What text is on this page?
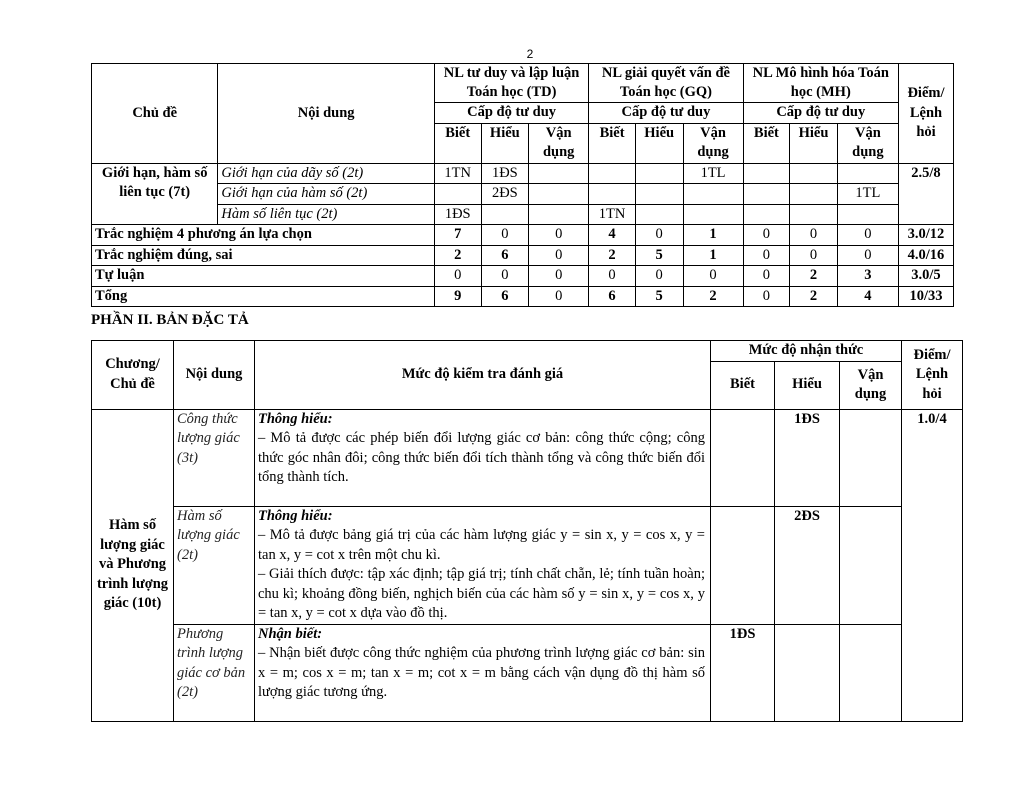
2
Chủ đề	Nội dung	NL tư duy và lập luận Toán học (TD)			NL giải quyết vấn đề Toán học (GQ)			NL Mô hình hóa Toán học (MH)			Điểm/ Lệnh hỏi
		Cấp độ tư duy			Cấp độ tư duy			Cấp độ tư duy			
		Biết	Hiểu	Vận dụng	Biết	Hiểu	Vận dụng	Biết	Hiểu	Vận dụng	
Giới hạn, hàm số liên tục (7t)	Giới hạn của dãy số (2t)	1TN	1ĐS				1TL				2.5/8
	Giới hạn của hàm số (2t)		2ĐS							1TL	
	Hàm số liên tục (2t)	1ĐS			1TN						
Trắc nghiệm 4 phương án lựa chọn		7	0	0	4	0	1	0	0	0	3.0/12
Trắc nghiệm đúng, sai		2	6	0	2	5	1	0	0	0	4.0/16
Tự luận		0	0	0	0	0	0	0	2	3	3.0/5
Tổng		9	6	0	6	5	2	0	2	4	10/33
PHẦN II. BẢN ĐẶC TẢ
Chương/ Chủ đề	Nội dung	Mức độ kiểm tra đánh giá	Mức độ nhận thức			Điểm/ Lệnh hỏi
			Biết	Hiểu	Vận dụng	
Hàm số lượng giác và Phương trình lượng giác (10t)	Công thức lượng giác (3t)	Thông hiểu:
– Mô tả được các phép biến đổi lượng giác cơ bản: công thức cộng; công thức góc nhân đôi; công thức biến đổi tích thành tổng và công thức biến đổi tổng thành tích.		1ĐS		1.0/4
	Hàm số lượng giác (2t)	Thông hiểu:
– Mô tả được bảng giá trị của các hàm lượng giác y = sin x, y = cos x, y = tan x, y = cot x trên một chu kì.
– Giải thích được: tập xác định; tập giá trị; tính chất chẵn, lẻ; tính tuần hoàn; chu kì; khoảng đồng biến, nghịch biến của các hàm số y = sin x, y = cos x, y = tan x, y = cot x dựa vào đồ thị.		2ĐS		
	Phương trình lượng giác cơ bản (2t)	Nhận biết:
– Nhận biết được công thức nghiệm của phương trình lượng giác cơ bản: sin x = m; cos x = m; tan x = m; cot x = m bằng cách vận dụng đồ thị hàm số lượng giác tương ứng.	1ĐS			
